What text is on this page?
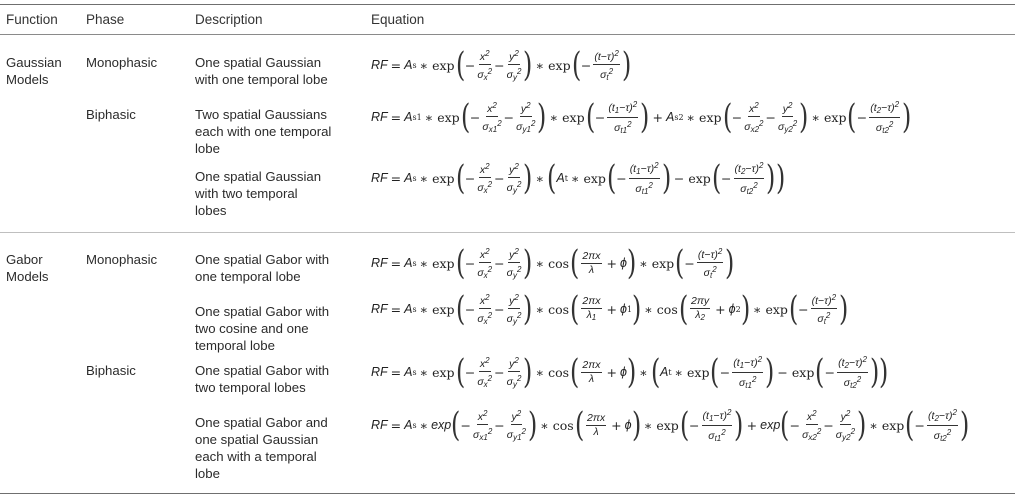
Function Phase	Description	Equation
Gaussian
Models
Monophasic
Biphasic
One spatial Gaussian
with one temporal lobe
Two spatial Gaussians
each with one temporal
lobe
One spatial Gaussian
with two temporal
lobes
RF = A s ∗ exp ( − $\frac{x^2}{\sigma_x^2} - \frac{y^2}{\sigma_y^2}$ ) ∗ exp ( − $\frac{(t-\tau)^2}{\sigma_t^2}$ )
RF = A s1 ∗ exp ( − $\frac{x^2}{\sigma_{x1}^2} - \frac{y^2}{\sigma_{y1}^2}$ ) ∗ exp ( − $\frac{(t_1-\tau)^2}{\sigma_{t1}^2}$ ) + A s2 ∗ exp ( − $\frac{x^2}{\sigma_{x2}^2} - \frac{y^2}{\sigma_{y2}^2}$ ) ∗ exp ( − $\frac{(t_2-\tau)^2}{\sigma_{t2}^2}$ )
RF = A s ∗ exp ( − $\frac{x^2}{\sigma_x^2} - \frac{y^2}{\sigma_y^2}$ ) ∗ ( A t ∗ exp ( − $\frac{(t_1-\tau)^2}{\sigma_{t1}^2}$ ) − exp ( − $\frac{(t_2-\tau)^2}{\sigma_{t2}^2}$ ) )
Gabor
Models
Monophasic
Biphasic
One spatial Gabor with
one temporal lobe
One spatial Gabor with
two cosine and one
temporal lobe
One spatial Gabor with
two temporal lobes
One spatial Gabor and
one spatial Gaussian
each with a temporal
lobe
RF = A s ∗ exp ( − $\frac{x^2}{\sigma_x^2} - \frac{y^2}{\sigma_y^2}$ ) ∗ cos ( $\frac{2\pi x}{\lambda} + \phi$ ) ∗ exp ( − $\frac{(t-\tau)^2}{\sigma_t^2}$ )
RF = A s ∗ exp ( − $\frac{x^2}{\sigma_x^2} - \frac{y^2}{\sigma_y^2}$ ) ∗ cos ( $\frac{2\pi x}{\lambda_1} + \phi$ 1 ) ∗ cos ( $\frac{2\pi y}{\lambda_2} + \phi$ 2 ) ∗ exp ( − $\frac{(t-\tau)^2}{\sigma_t^2}$ )
RF = A s ∗ exp ( − $\frac{x^2}{\sigma_x^2} - \frac{y^2}{\sigma_y^2}$ ) ∗ cos ( $\frac{2\pi x}{\lambda} + \phi$ ) ∗ ( A t ∗ exp ( − $\frac{(t_1-\tau)^2}{\sigma_{t1}^2}$ ) − exp ( − $\frac{(t_2-\tau)^2}{\sigma_{t2}^2}$ ) )
RF = A s ∗ exp ( − $\frac{x^2}{\sigma_{x1}^2} - \frac{y^2}{\sigma_{y1}^2}$ ) ∗ cos ( $\frac{2\pi x}{\lambda} + \phi$ ) ∗ exp ( − $\frac{(t_1-\tau)^2}{\sigma_{t1}^2}$ ) + exp ( − $\frac{x^2}{\sigma_{x2}^2} - \frac{y^2}{\sigma_{y2}^2}$ ) ∗ exp ( − $\frac{(t_2-\tau)^2}{\sigma_{t2}^2}$ )
